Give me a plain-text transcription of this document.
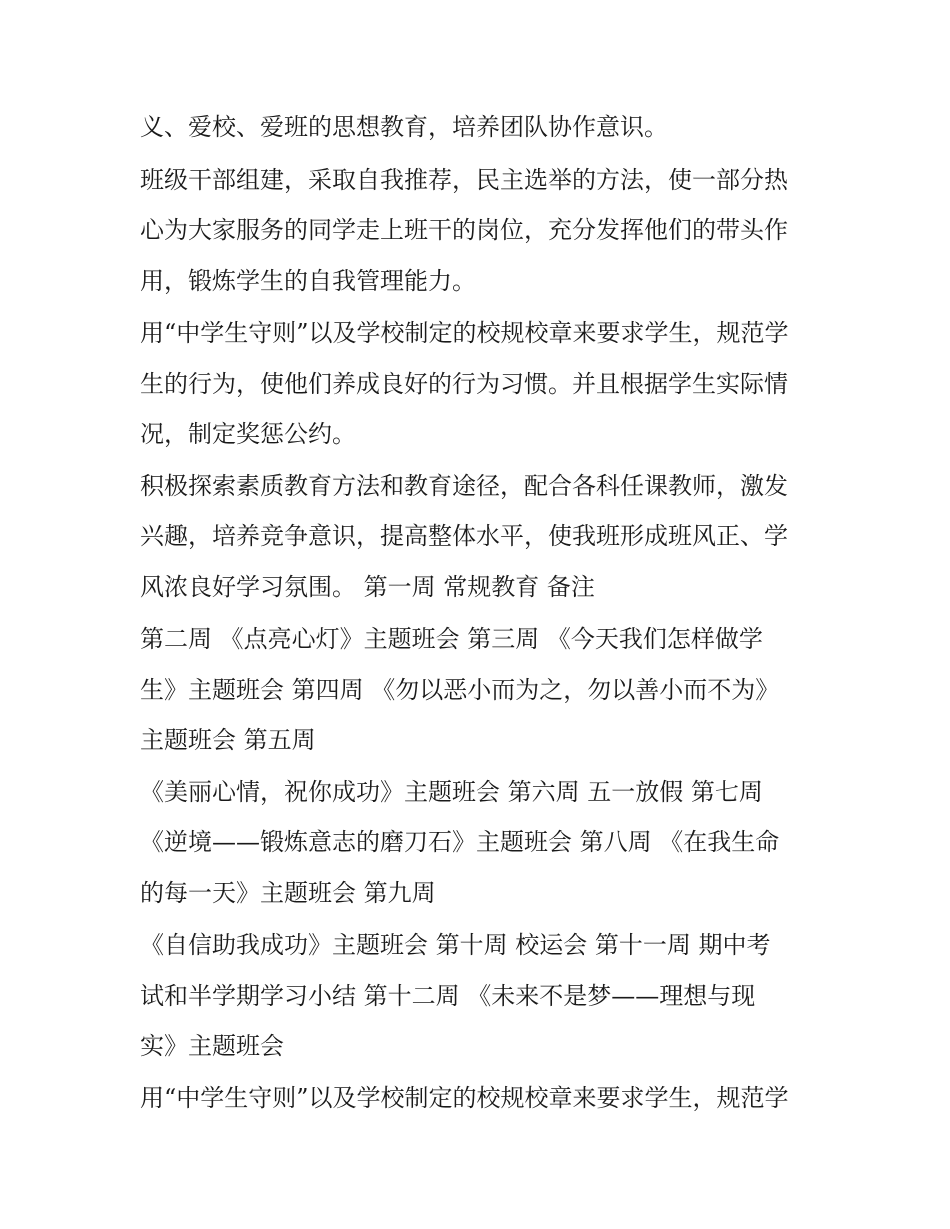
义、爱校、爱班的思想教育，培养团队协作意识。
班级干部组建，采取自我推荐，民主选举的方法，使一部分热
心为大家服务的同学走上班干的岗位，充分发挥他们的带头作
用，锻炼学生的自我管理能力。
用“中学生守则”以及学校制定的校规校章来要求学生，规范学
生的行为，使他们养成良好的行为习惯。并且根据学生实际情
况，制定奖惩公约。
积极探索素质教育方法和教育途径，配合各科任课教师，激发
兴趣，培养竞争意识，提高整体水平，使我班形成班风正、学
风浓良好学习氛围。 第一周 常规教育 备注
第二周 《点亮心灯》主题班会 第三周 《今天我们怎样做学
生》主题班会 第四周 《勿以恶小而为之，勿以善小而不为》
主题班会 第五周
《美丽心情，祝你成功》主题班会 第六周 五一放假 第七周
《逆境——锻炼意志的磨刀石》主题班会 第八周 《在我生命
的每一天》主题班会 第九周
《自信助我成功》主题班会 第十周 校运会 第十一周 期中考
试和半学期学习小结 第十二周 《未来不是梦——理想与现
实》主题班会
用“中学生守则”以及学校制定的校规校章来要求学生，规范学
